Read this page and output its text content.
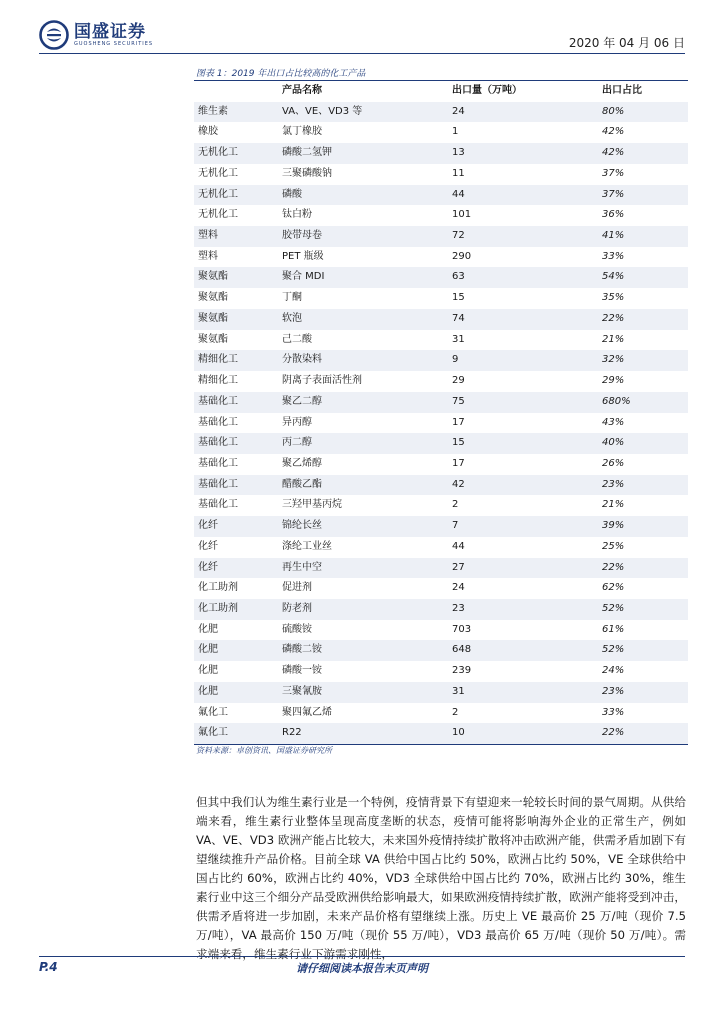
国盛证券
GUOSHENG SECURITIES	2020 年 04 月 06 日
图表 1：2019 年出口占比较高的化工产品
	产品名称	出口量（万吨）	出口占比
维生素	VA、VE、VD3 等	24	80%
橡胶	氯丁橡胶	1	42%
无机化工	磷酸二氢钾	13	42%
无机化工	三聚磷酸钠	11	37%
无机化工	磷酸	44	37%
无机化工	钛白粉	101	36%
塑料	胶带母卷	72	41%
塑料	PET 瓶级	290	33%
聚氨酯	聚合 MDI	63	54%
聚氨酯	丁酮	15	35%
聚氨酯	软泡	74	22%
聚氨酯	己二酸	31	21%
精细化工	分散染料	9	32%
精细化工	阴离子表面活性剂	29	29%
基础化工	聚乙二醇	75	680%
基础化工	异丙醇	17	43%
基础化工	丙二醇	15	40%
基础化工	聚乙烯醇	17	26%
基础化工	醋酸乙酯	42	23%
基础化工	三羟甲基丙烷	2	21%
化纤	锦纶长丝	7	39%
化纤	涤纶工业丝	44	25%
化纤	再生中空	27	22%
化工助剂	促进剂	24	62%
化工助剂	防老剂	23	52%
化肥	硫酸铵	703	61%
化肥	磷酸二铵	648	52%
化肥	磷酸一铵	239	24%
化肥	三聚氰胺	31	23%
氟化工	聚四氟乙烯	2	33%
氟化工	R22	10	22%
资料来源：卓创资讯、国盛证券研究所
但其中我们认为维生素行业是一个特例，疫情背景下有望迎来一轮较长时间的景气周期。从供给端来看，维生素行业整体呈现高度垄断的状态，疫情可能将影响海外企业的正常生产，例如 VA、VE、VD3 欧洲产能占比较大，未来国外疫情持续扩散将冲击欧洲产能，供需矛盾加剧下有望继续推升产品价格。目前全球 VA 供给中国占比约 50%，欧洲占比约 50%，VE 全球供给中国占比约 60%，欧洲占比约 40%，VD3 全球供给中国占比约 70%，欧洲占比约 30%，维生素行业中这三个细分产品受欧洲供给影响最大，如果欧洲疫情持续扩散，欧洲产能将受到冲击，供需矛盾将进一步加剧，未来产品价格有望继续上涨。历史上 VE 最高价 25 万/吨（现价 7.5 万/吨），VA 最高价 150 万/吨（现价 55 万/吨），VD3 最高价 65 万/吨（现价 50 万/吨）。需求端来看，维生素行业下游需求刚性，
P.4	请仔细阅读本报告末页声明
